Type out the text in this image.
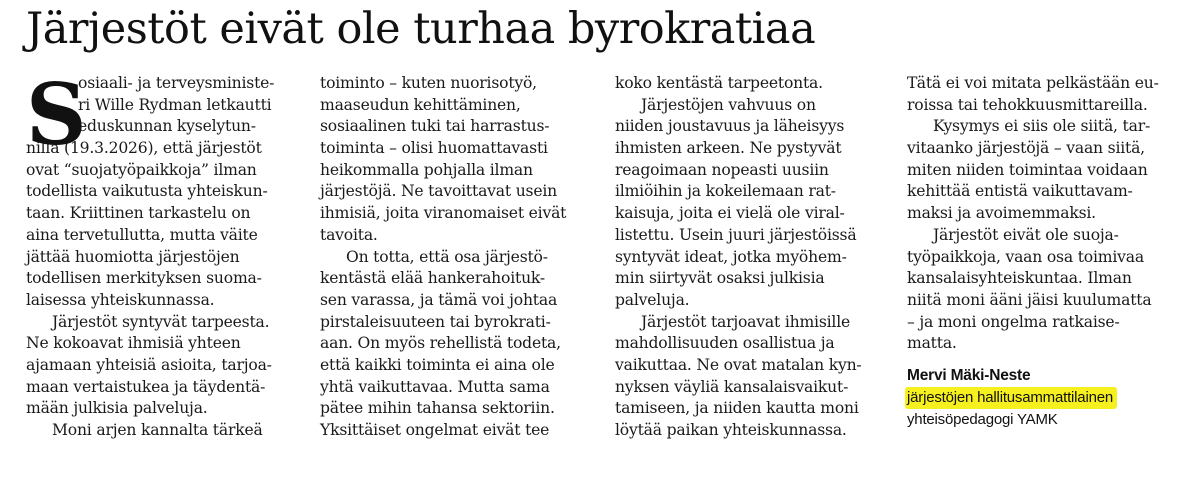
Järjestöt eivät ole turhaa byrokratiaa
S
osiaali- ja terveysministe-
ri Wille Rydman letkautti
eduskunnan kyselytun-
nilla (19.3.2026), että järjestöt
ovat “suojatyöpaikkoja” ilman
todellista vaikutusta yhteiskun-
taan. Kriittinen tarkastelu on
aina tervetullutta, mutta väite
jättää huomiotta järjestöjen
todellisen merkityksen suoma-
laisessa yhteiskunnassa.
Järjestöt syntyvät tarpeesta.
Ne kokoavat ihmisiä yhteen
ajamaan yhteisiä asioita, tarjoa-
maan vertaistukea ja täydentä-
mään julkisia palveluja.
Moni arjen kannalta tärkeä
toiminto – kuten nuorisotyö,
maaseudun kehittäminen,
sosiaalinen tuki tai harrastus-
toiminta – olisi huomattavasti
heikommalla pohjalla ilman
järjestöjä. Ne tavoittavat usein
ihmisiä, joita viranomaiset eivät
tavoita.
On totta, että osa järjestö-
kentästä elää hankerahoituk-
sen varassa, ja tämä voi johtaa
pirstaleisuuteen tai byrokrati-
aan. On myös rehellistä todeta,
että kaikki toiminta ei aina ole
yhtä vaikuttavaa. Mutta sama
pätee mihin tahansa sektoriin.
Yksittäiset ongelmat eivät tee
koko kentästä tarpeetonta.
Järjestöjen vahvuus on
niiden joustavuus ja läheisyys
ihmisten arkeen. Ne pystyvät
reagoimaan nopeasti uusiin
ilmiöihin ja kokeilemaan rat-
kaisuja, joita ei vielä ole viral-
listettu. Usein juuri järjestöissä
syntyvät ideat, jotka myöhem-
min siirtyvät osaksi julkisia
palveluja.
Järjestöt tarjoavat ihmisille
mahdollisuuden osallistua ja
vaikuttaa. Ne ovat matalan kyn-
nyksen väyliä kansalaisvaikut-
tamiseen, ja niiden kautta moni
löytää paikan yhteiskunnassa.
Tätä ei voi mitata pelkästään eu-
roissa tai tehokkuusmittareilla.
Kysymys ei siis ole siitä, tar-
vitaanko järjestöjä – vaan siitä,
miten niiden toimintaa voidaan
kehittää entistä vaikuttavam-
maksi ja avoimemmaksi.
Järjestöt eivät ole suoja-
työpaikkoja, vaan osa toimivaa
kansalaisyhteiskuntaa. Ilman
niitä moni ääni jäisi kuulumatta
– ja moni ongelma ratkaise-
matta.
Mervi Mäki-Neste
järjestöjen hallitusammattilainen
yhteisöpedagogi YAMK
